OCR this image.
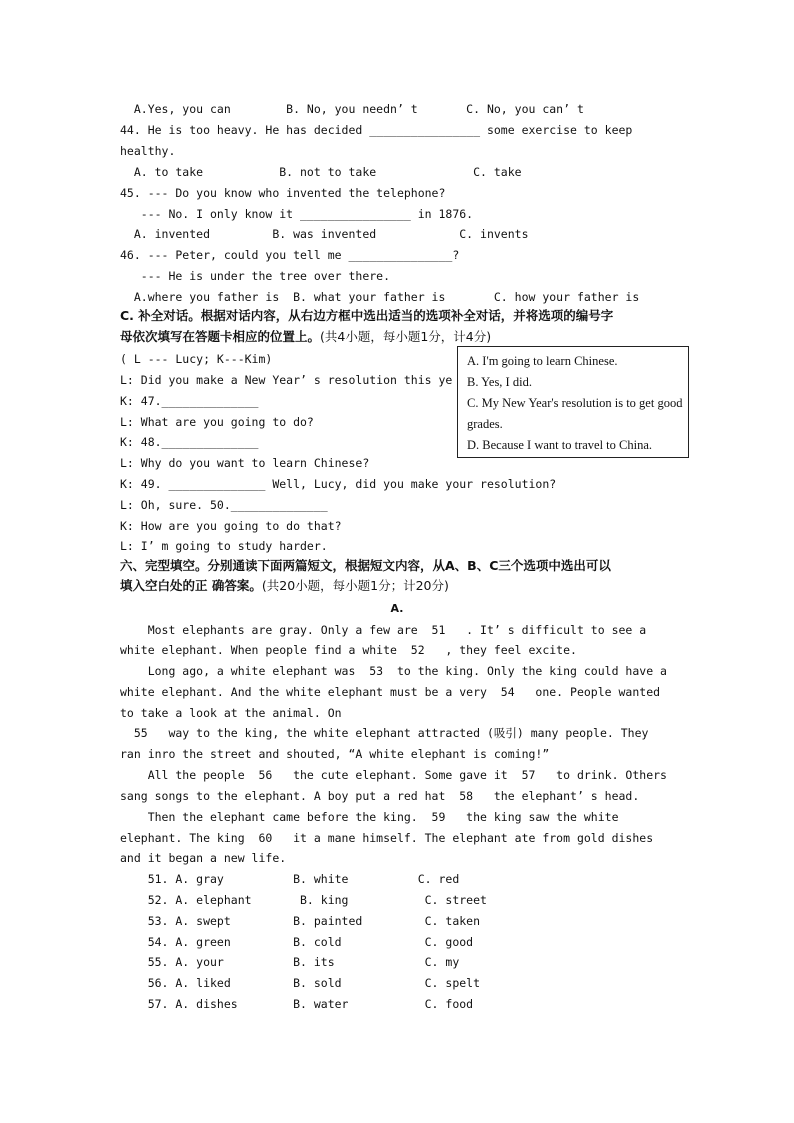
A.Yes, you can        B. No, you needn’ t       C. No, you can’ t
44. He is too heavy. He has decided ________________ some exercise to keep
healthy.
A. to take           B. not to take              C. take
45. --- Do you know who invented the telephone?
--- No. I only know it ________________ in 1876.
A. invented         B. was invented            C. invents
46. --- Peter, could you tell me _______________?
--- He is under the tree over there.
A.where you father is  B. what your father is       C. how your father is
C. 补全对话。根据对话内容，从右边方框中选出适当的选项补全对话，并将选项的编号字
母依次填写在答题卡相应的位置上。(共4小题，每小题1分，计4分)
( L --- Lucy; K---Kim)
L: Did you make a New Year’ s resolution this ye
K: 47.______________
L: What are you going to do?
K: 48.______________
L: Why do you want to learn Chinese?
K: 49. ______________ Well, Lucy, did you make your resolution?
L: Oh, sure. 50.______________
K: How are you going to do that?
L: I’ m going to study harder.
A. I'm going to learn Chinese.
B. Yes, I did.
C. My New Year's resolution is to get good grades.
D. Because I want to travel to China.
六、完型填空。分别通读下面两篇短文，根据短文内容，从A、B、C三个选项中选出可以
填入空白处的正 确答案。(共20小题，每小题1分；计20分)
A.
Most elephants are gray. Only a few are  51   . It’ s difficult to see a
white elephant. When people find a white  52   , they feel excite.
Long ago, a white elephant was  53  to the king. Only the king could have a
white elephant. And the white elephant must be a very  54   one. People wanted
to take a look at the animal. On
55   way to the king, the white elephant attracted (吸引) many people. They
ran inro the street and shouted, “A white elephant is coming!”
All the people  56   the cute elephant. Some gave it  57   to drink. Others
sang songs to the elephant. A boy put a red hat  58   the elephant’ s head.
Then the elephant came before the king.  59   the king saw the white
elephant. The king  60   it a mane himself. The elephant ate from gold dishes
and it began a new life.
51. A. gray          B. white          C. red
52. A. elephant       B. king           C. street
53. A. swept         B. painted         C. taken
54. A. green         B. cold            C. good
55. A. your          B. its             C. my
56. A. liked         B. sold            C. spelt
57. A. dishes        B. water           C. food
